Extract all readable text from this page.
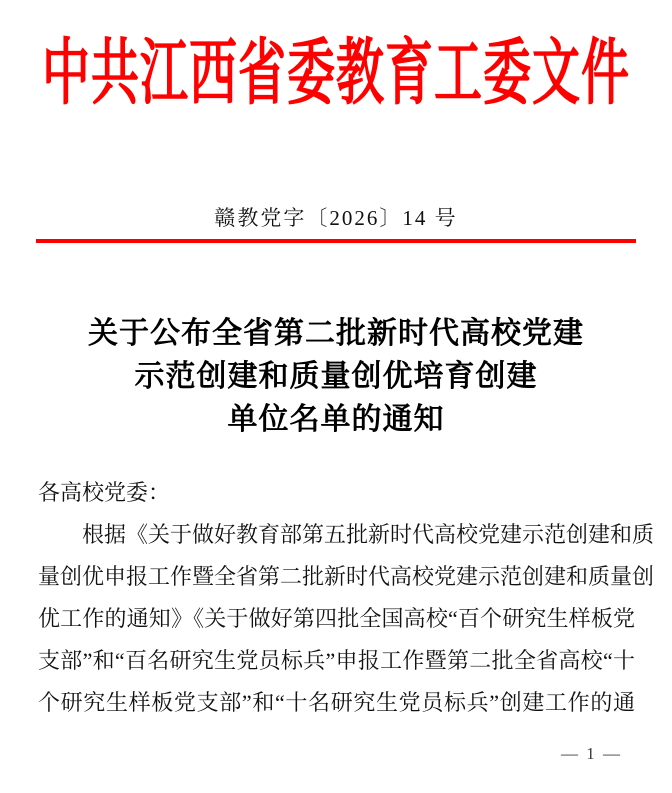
中共江西省委教育工委文件
赣教党字〔2026〕14 号
关于公布全省第二批新时代高校党建
示范创建和质量创优培育创建
单位名单的通知
各高校党委：
根据《关于做好教育部第五批新时代高校党建示范创建和质
量创优申报工作暨全省第二批新时代高校党建示范创建和质量创
优工作的通知》《关于做好第四批全国高校“百个研究生样板党
支部”和“百名研究生党员标兵”申报工作暨第二批全省高校“十
个研究生样板党支部”和“十名研究生党员标兵”创建工作的通
— 1 —
